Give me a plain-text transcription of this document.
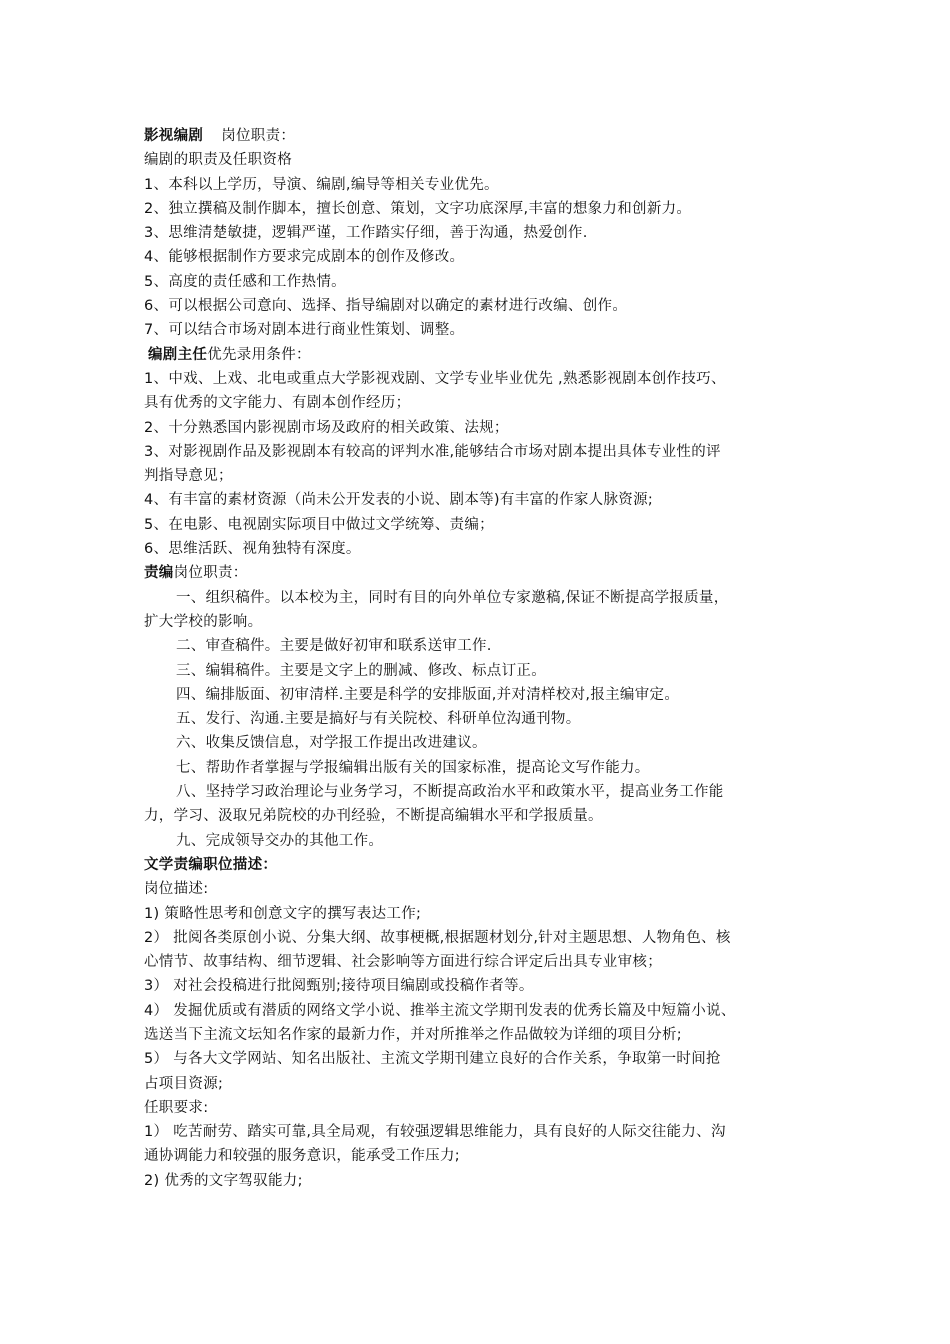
影视编剧 岗位职责：
编剧的职责及任职资格
1、本科以上学历，导演、编剧,编导等相关专业优先。
2、独立撰稿及制作脚本，擅长创意、策划，文字功底深厚,丰富的想象力和创新力。
3、思维清楚敏捷，逻辑严谨，工作踏实仔细，善于沟通，热爱创作.
4、能够根据制作方要求完成剧本的创作及修改。
5、高度的责任感和工作热情。
6、可以根据公司意向、选择、指导编剧对以确定的素材进行改编、创作。
7、可以结合市场对剧本进行商业性策划、调整。
编剧主任优先录用条件：
1、中戏、上戏、北电或重点大学影视戏剧、文学专业毕业优先 ,熟悉影视剧本创作技巧、
具有优秀的文字能力、有剧本创作经历；
2、十分熟悉国内影视剧市场及政府的相关政策、法规；
3、对影视剧作品及影视剧本有较高的评判水准,能够结合市场对剧本提出具体专业性的评
判指导意见；
4、有丰富的素材资源（尚未公开发表的小说、剧本等)有丰富的作家人脉资源;
5、在电影、电视剧实际项目中做过文学统筹、责编；
6、思维活跃、视角独特有深度。
责编岗位职责：
一、组织稿件。以本校为主，同时有目的向外单位专家邀稿,保证不断提高学报质量，
扩大学校的影响。
二、审查稿件。主要是做好初审和联系送审工作.
三、编辑稿件。主要是文字上的删减、修改、标点订正。
四、编排版面、初审清样.主要是科学的安排版面,并对清样校对,报主编审定。
五、发行、沟通.主要是搞好与有关院校、科研单位沟通刊物。
六、收集反馈信息，对学报工作提出改进建议。
七、帮助作者掌握与学报编辑出版有关的国家标准，提高论文写作能力。
八、坚持学习政治理论与业务学习，不断提高政治水平和政策水平，提高业务工作能
力，学习、汲取兄弟院校的办刊经验，不断提高编辑水平和学报质量。
九、完成领导交办的其他工作。
文学责编职位描述：
岗位描述:
1) 策略性思考和创意文字的撰写表达工作;
2） 批阅各类原创小说、分集大纲、故事梗概,根据题材划分,针对主题思想、人物角色、核
心情节、故事结构、细节逻辑、社会影响等方面进行综合评定后出具专业审核；
3） 对社会投稿进行批阅甄别;接待项目编剧或投稿作者等。
4） 发掘优质或有潜质的网络文学小说、推举主流文学期刊发表的优秀长篇及中短篇小说、
选送当下主流文坛知名作家的最新力作，并对所推举之作品做较为详细的项目分析;
5） 与各大文学网站、知名出版社、主流文学期刊建立良好的合作关系，争取第一时间抢
占项目资源;
任职要求:
1） 吃苦耐劳、踏实可靠,具全局观，有较强逻辑思维能力，具有良好的人际交往能力、沟
通协调能力和较强的服务意识，能承受工作压力;
2) 优秀的文字驾驭能力;
